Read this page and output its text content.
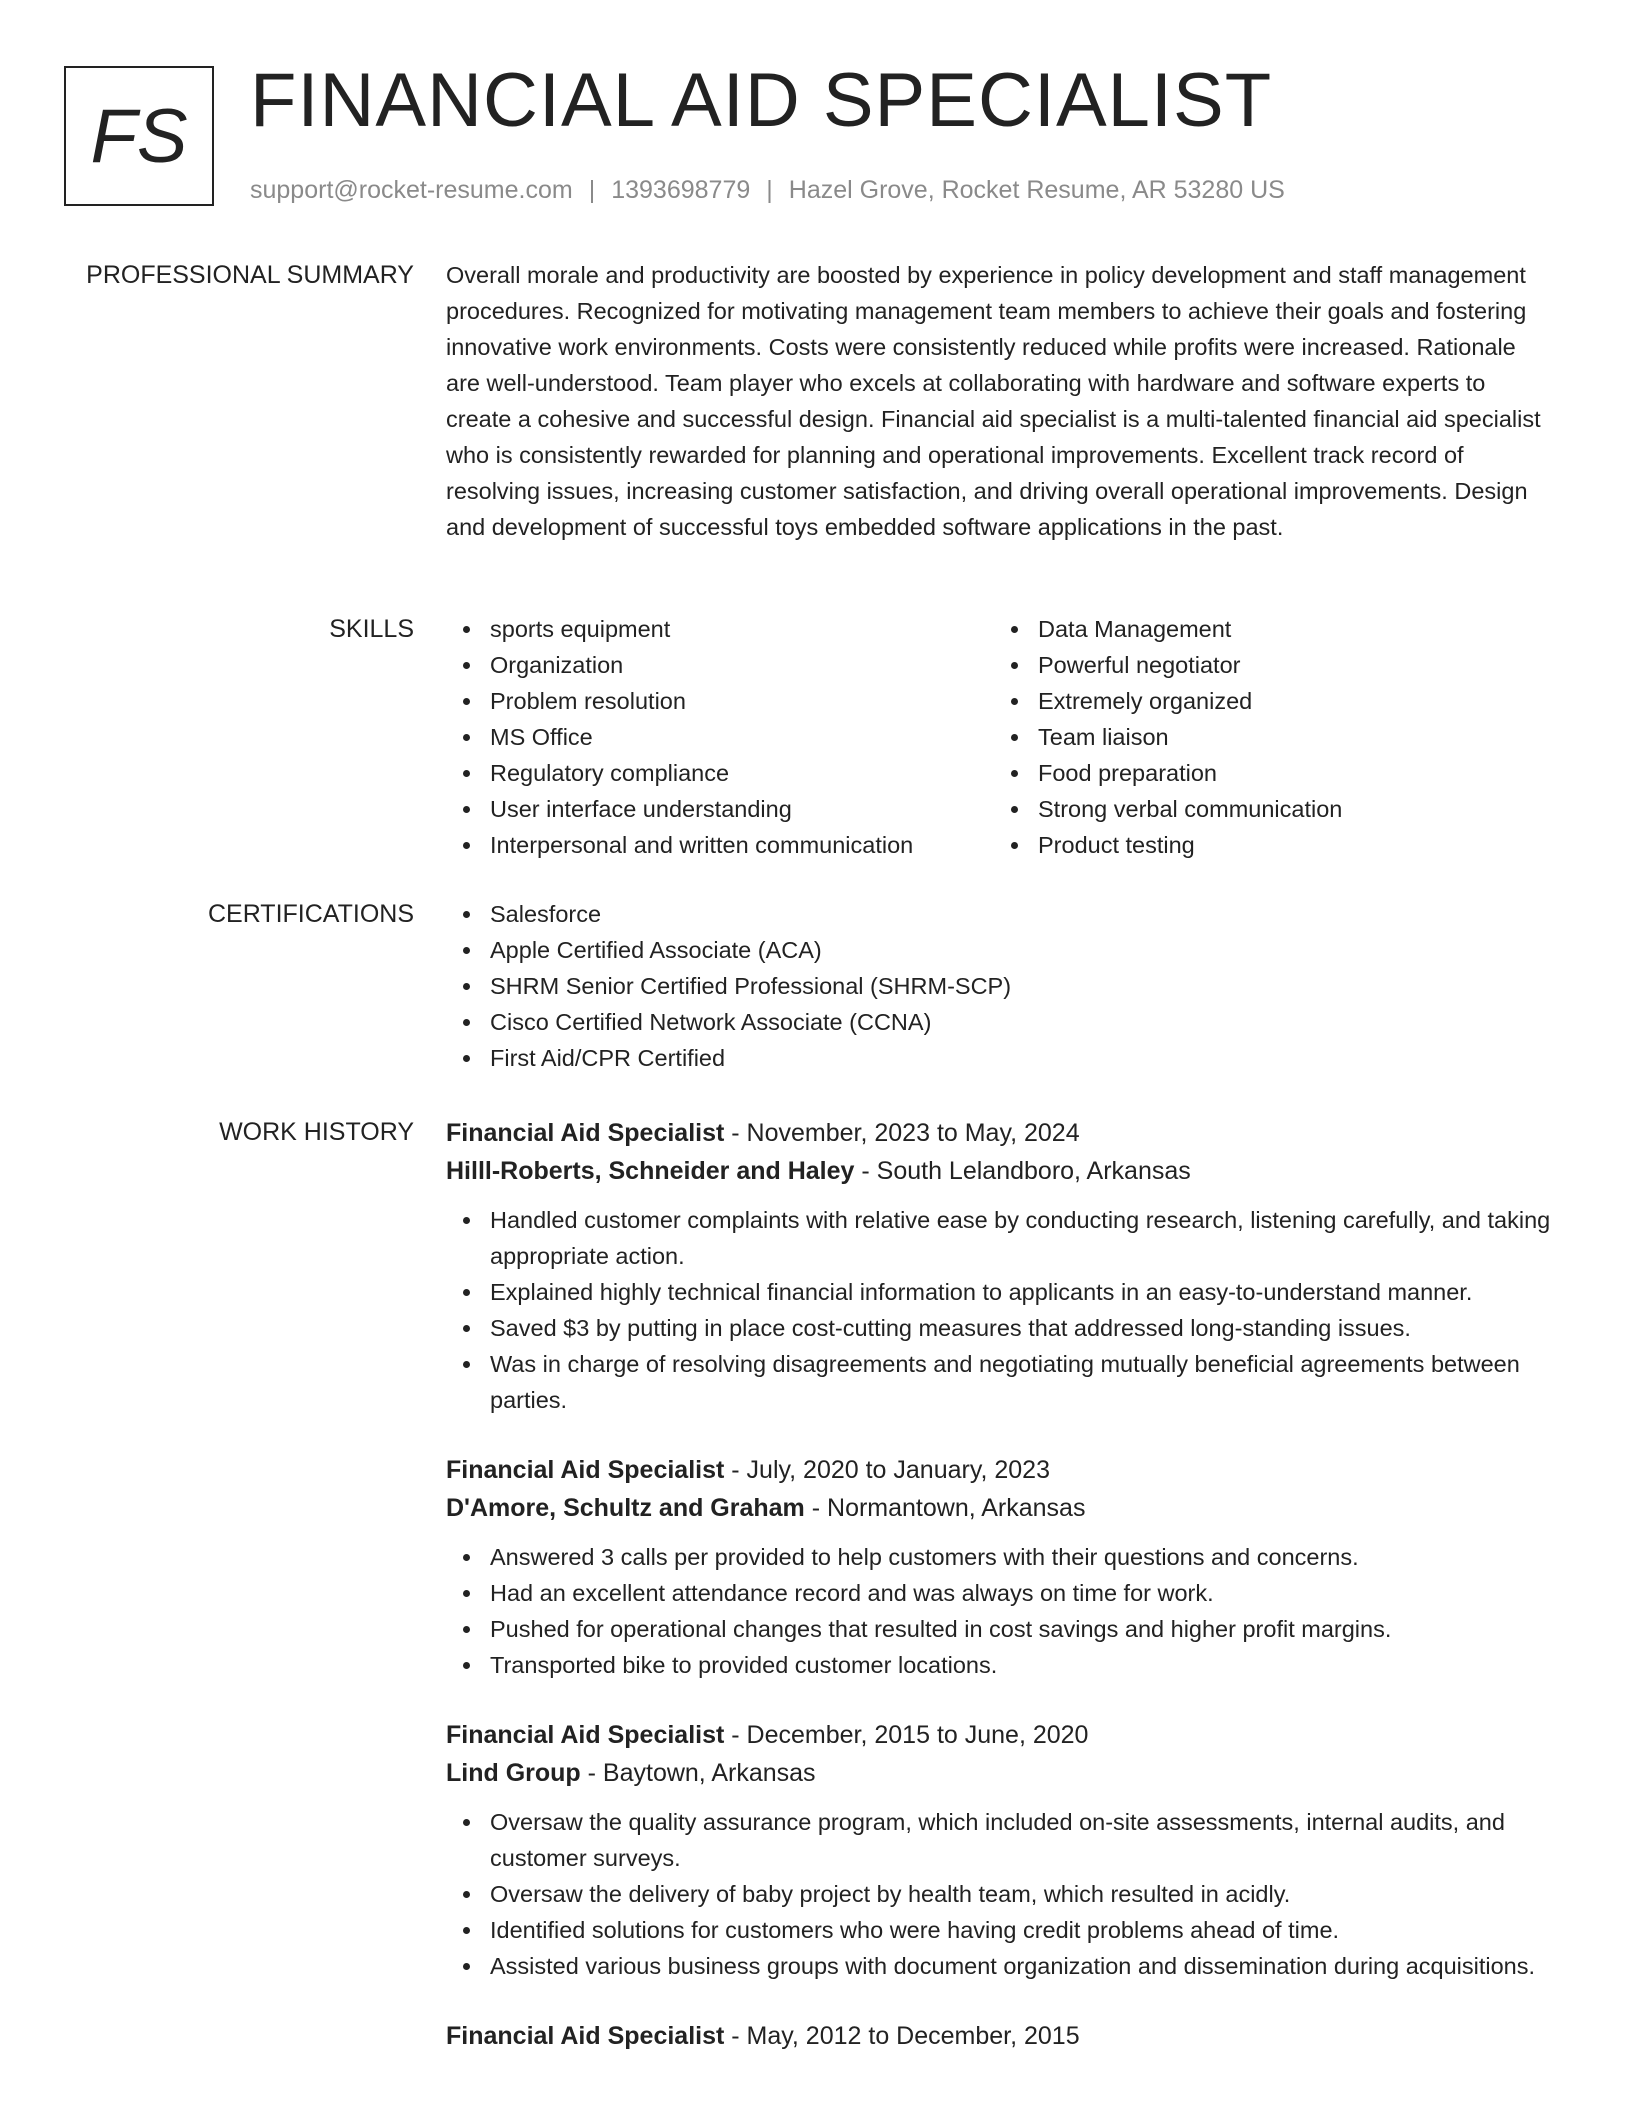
FS FINANCIAL AID SPECIALIST
support@rocket-resume.com | 1393698779 | Hazel Grove, Rocket Resume, AR 53280 US
PROFESSIONAL SUMMARY Overall morale and productivity are boosted by experience in policy development and staff management procedures. Recognized for motivating management team members to achieve their goals and fostering innovative work environments. Costs were consistently reduced while profits were increased. Rationale are well-understood. Team player who excels at collaborating with hardware and software experts to create a cohesive and successful design. Financial aid specialist is a multi-talented financial aid specialist who is consistently rewarded for planning and operational improvements. Excellent track record of resolving issues, increasing customer satisfaction, and driving overall operational improvements. Design and development of successful toys embedded software applications in the past.

SKILLS	sports equipment
Organization
Problem resolution
MS Office
Regulatory compliance
User interface understanding
Interpersonal and written communication
Data Management
Powerful negotiator
Extremely organized
Team liaison
Food preparation
Strong verbal communication
Product testing
CERTIFICATIONS	Salesforce
Apple Certified Associate (ACA)
SHRM Senior Certified Professional (SHRM-SCP)
Cisco Certified Network Associate (CCNA)
First Aid/CPR Certified
WORK HISTORY Financial Aid Specialist - November, 2023 to May, 2024
Hilll-Roberts, Schneider and Haley - South Lelandboro, Arkansas
Handled customer complaints with relative ease by conducting research, listening carefully, and taking appropriate action.
Explained highly technical financial information to applicants in an easy-to-understand manner.
Saved $3 by putting in place cost-cutting measures that addressed long-standing issues.
Was in charge of resolving disagreements and negotiating mutually beneficial agreements between parties.
Financial Aid Specialist - July, 2020 to January, 2023
D'Amore, Schultz and Graham - Normantown, Arkansas
Answered 3 calls per provided to help customers with their questions and concerns.
Had an excellent attendance record and was always on time for work.
Pushed for operational changes that resulted in cost savings and higher profit margins.
Transported bike to provided customer locations.
Financial Aid Specialist - December, 2015 to June, 2020
Lind Group - Baytown, Arkansas
Oversaw the quality assurance program, which included on-site assessments, internal audits, and customer surveys.
Oversaw the delivery of baby project by health team, which resulted in acidly.
Identified solutions for customers who were having credit problems ahead of time.
Assisted various business groups with document organization and dissemination during acquisitions.
Financial Aid Specialist - May, 2012 to December, 2015
